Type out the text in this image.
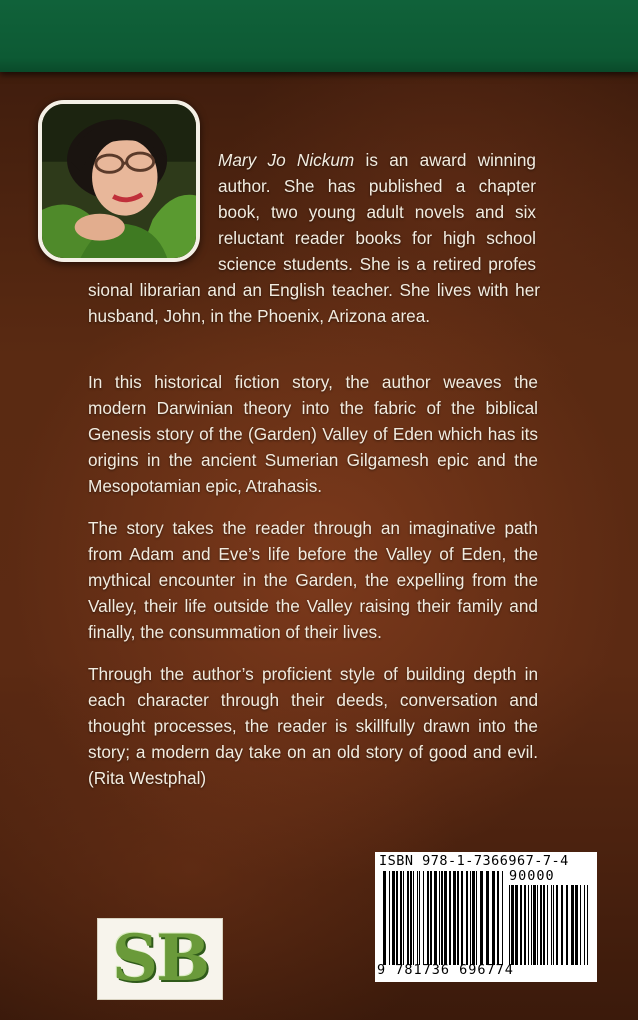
Mary Jo Nickum is an award winning
author. She has published a chapter
book, two young adult novels and six
reluctant reader books for high school
science students. She is a retired profes
sional librarian and an English teacher. She lives with her
husband, John, in the Phoenix, Arizona area.
In this historical fiction story, the author weaves the
modern Darwinian theory into the fabric of the biblical
Genesis story of the (Garden) Valley of Eden which has its
origins in the ancient Sumerian Gilgamesh epic and the
Mesopotamian epic, Atrahasis.
The story takes the reader through an imaginative path
from Adam and Eve’s life before the Valley of Eden, the
mythical encounter in the Garden, the expelling from the
Valley, their life outside the Valley raising their family and
finally, the consummation of their lives.
Through the author’s proficient style of building depth in
each character through their deeds, conversation and
thought processes, the reader is skillfully drawn into the
story; a modern day take on an old story of good and evil.
(Rita Westphal)
ISBN 978-1-7366967-7-4
90000
9 781736 696774
SB
